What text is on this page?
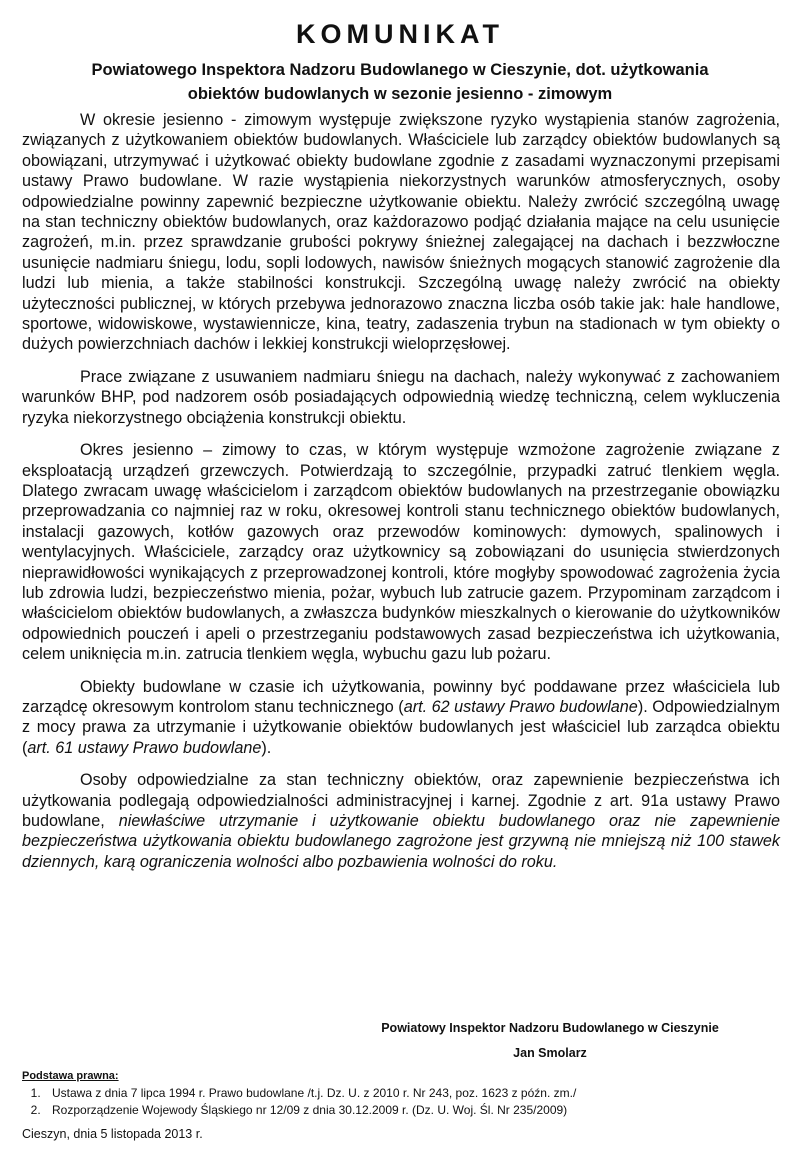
KOMUNIKAT
Powiatowego Inspektora Nadzoru Budowlanego w Cieszynie, dot. użytkowania
obiektów budowlanych w sezonie jesienno - zimowym

W okresie jesienno - zimowym występuje zwiększone ryzyko wystąpienia stanów zagrożenia, związanych z użytkowaniem obiektów budowlanych. Właściciele lub zarządcy obiektów budowlanych są obowiązani, utrzymywać i użytkować obiekty budowlane zgodnie z zasadami wyznaczonymi przepisami ustawy Prawo budowlane. W razie wystąpienia niekorzystnych warunków atmosferycznych, osoby odpowiedzialne powinny zapewnić bezpieczne użytkowanie obiektu. Należy zwrócić szczególną uwagę na stan techniczny obiektów budowlanych, oraz każdorazowo podjąć działania mające na celu usunięcie zagrożeń, m.in. przez sprawdzanie grubości pokrywy śnieżnej zalegającej na dachach i bezzwłoczne usunięcie nadmiaru śniegu, lodu, sopli lodowych, nawisów śnieżnych mogących stanowić zagrożenie dla ludzi lub mienia, a także stabilności konstrukcji. Szczególną uwagę należy zwrócić na obiekty użyteczności publicznej, w których przebywa jednorazowo znaczna liczba osób takie jak: hale handlowe, sportowe, widowiskowe, wystawiennicze, kina, teatry, zadaszenia trybun na stadionach w tym obiekty o dużych powierzchniach dachów i lekkiej konstrukcji wieloprzęsłowej.

Prace związane z usuwaniem nadmiaru śniegu na dachach, należy wykonywać z zachowaniem warunków BHP, pod nadzorem osób posiadających odpowiednią wiedzę techniczną, celem wykluczenia ryzyka niekorzystnego obciążenia konstrukcji obiektu.

Okres jesienno – zimowy to czas, w którym występuje wzmożone zagrożenie związane z eksploatacją urządzeń grzewczych. Potwierdzają to szczególnie, przypadki zatruć tlenkiem węgla. Dlatego zwracam uwagę właścicielom i zarządcom obiektów budowlanych na przestrzeganie obowiązku przeprowadzania co najmniej raz w roku, okresowej kontroli stanu technicznego obiektów budowlanych, instalacji gazowych, kotłów gazowych oraz przewodów kominowych: dymowych, spalinowych i wentylacyjnych. Właściciele, zarządcy oraz użytkownicy są zobowiązani do usunięcia stwierdzonych nieprawidłowości wynikających z przeprowadzonej kontroli, które mogłyby spowodować zagrożenia życia lub zdrowia ludzi, bezpieczeństwo mienia, pożar, wybuch lub zatrucie gazem. Przypominam zarządcom i właścicielom obiektów budowlanych, a zwłaszcza budynków mieszkalnych o kierowanie do użytkowników odpowiednich pouczeń i apeli o przestrzeganiu podstawowych zasad bezpieczeństwa ich użytkowania, celem uniknięcia m.in. zatrucia tlenkiem węgla, wybuchu gazu lub pożaru.

Obiekty budowlane w czasie ich użytkowania, powinny być poddawane przez właściciela lub zarządcę okresowym kontrolom stanu technicznego (art. 62 ustawy Prawo budowlane). Odpowiedzialnym z mocy prawa za utrzymanie i użytkowanie obiektów budowlanych jest właściciel lub zarządca obiektu (art. 61 ustawy Prawo budowlane).

Osoby odpowiedzialne za stan techniczny obiektów, oraz zapewnienie bezpieczeństwa ich użytkowania podlegają odpowiedzialności administracyjnej i karnej. Zgodnie z art. 91a ustawy Prawo budowlane, niewłaściwe utrzymanie i użytkowanie obiektu budowlanego oraz nie zapewnienie bezpieczeństwa użytkowania obiektu budowlanego zagrożone jest grzywną nie mniejszą niż 100 stawek dziennych, karą ograniczenia wolności albo pozbawienia wolności do roku.

Powiatowy Inspektor Nadzoru Budowlanego w Cieszynie
Jan Smolarz
Podstawa prawna:
1. Ustawa z dnia 7 lipca 1994 r. Prawo budowlane /t.j. Dz. U. z 2010 r. Nr 243, poz. 1623 z późn. zm./
2. Rozporządzenie Wojewody Śląskiego nr 12/09 z dnia 30.12.2009 r. (Dz. U. Woj. Śl. Nr 235/2009)
Cieszyn, dnia 5 listopada 2013 r.
